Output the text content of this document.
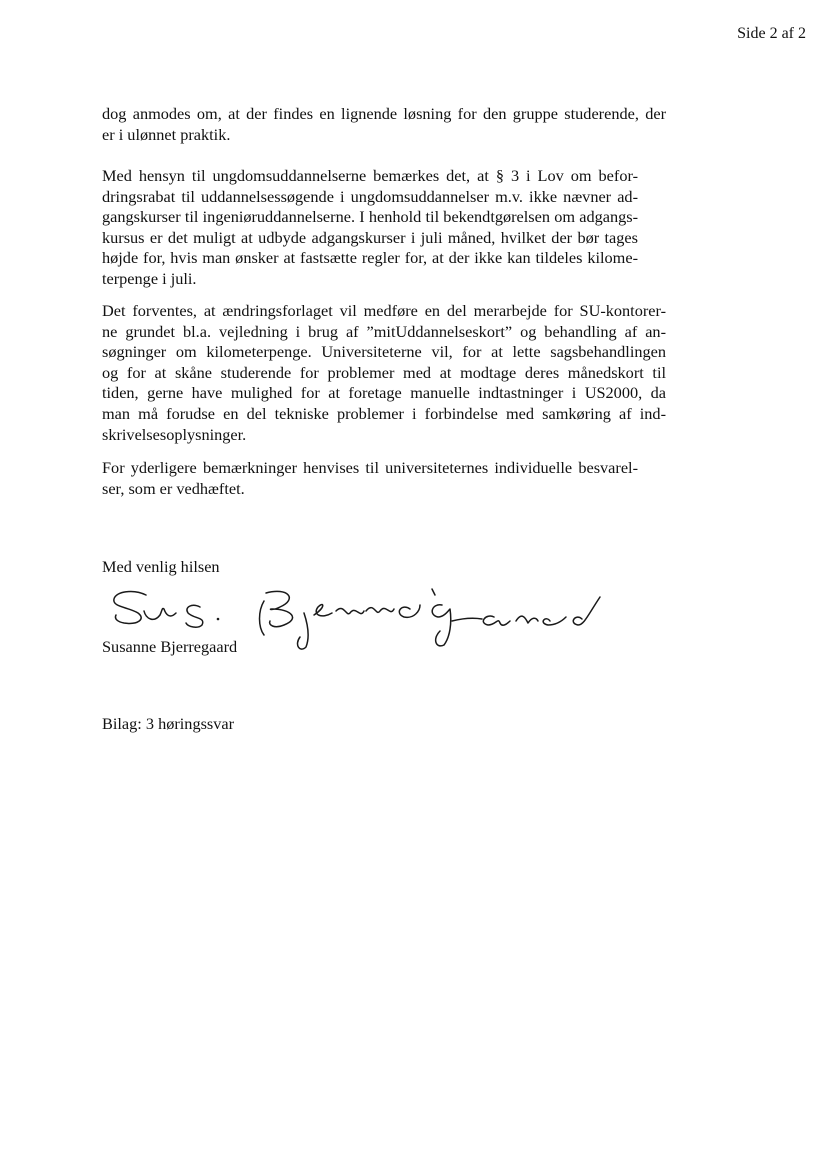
Side 2 af 2
dog anmodes om, at der findes en lignende løsning for den gruppe studerende, der
er i ulønnet praktik.
Med hensyn til ungdomsuddannelserne bemærkes det, at § 3 i Lov om befor-
dringsrabat til uddannelsessøgende i ungdomsuddannelser m.v. ikke nævner ad-
gangskurser til ingeniøruddannelserne. I henhold til bekendtgørelsen om adgangs-
kursus er det muligt at udbyde adgangskurser i juli måned, hvilket der bør tages
højde for, hvis man ønsker at fastsætte regler for, at der ikke kan tildeles kilome-
terpenge i juli.
Det forventes, at ændringsforlaget vil medføre en del merarbejde for SU-kontorer-
ne grundet bl.a. vejledning i brug af ”mitUddannelseskort” og behandling af an-
søgninger om kilometerpenge. Universiteterne vil, for at lette sagsbehandlingen
og for at skåne studerende for problemer med at modtage deres månedskort til
tiden, gerne have mulighed for at foretage manuelle indtastninger i US2000, da
man må forudse en del tekniske problemer i forbindelse med samkøring af ind-
skrivelsesoplysninger.
For yderligere bemærkninger henvises til universiteternes individuelle besvarel-
ser, som er vedhæftet.

Med venlig hilsen

Susanne Bjerregaard

Bilag: 3 høringssvar
